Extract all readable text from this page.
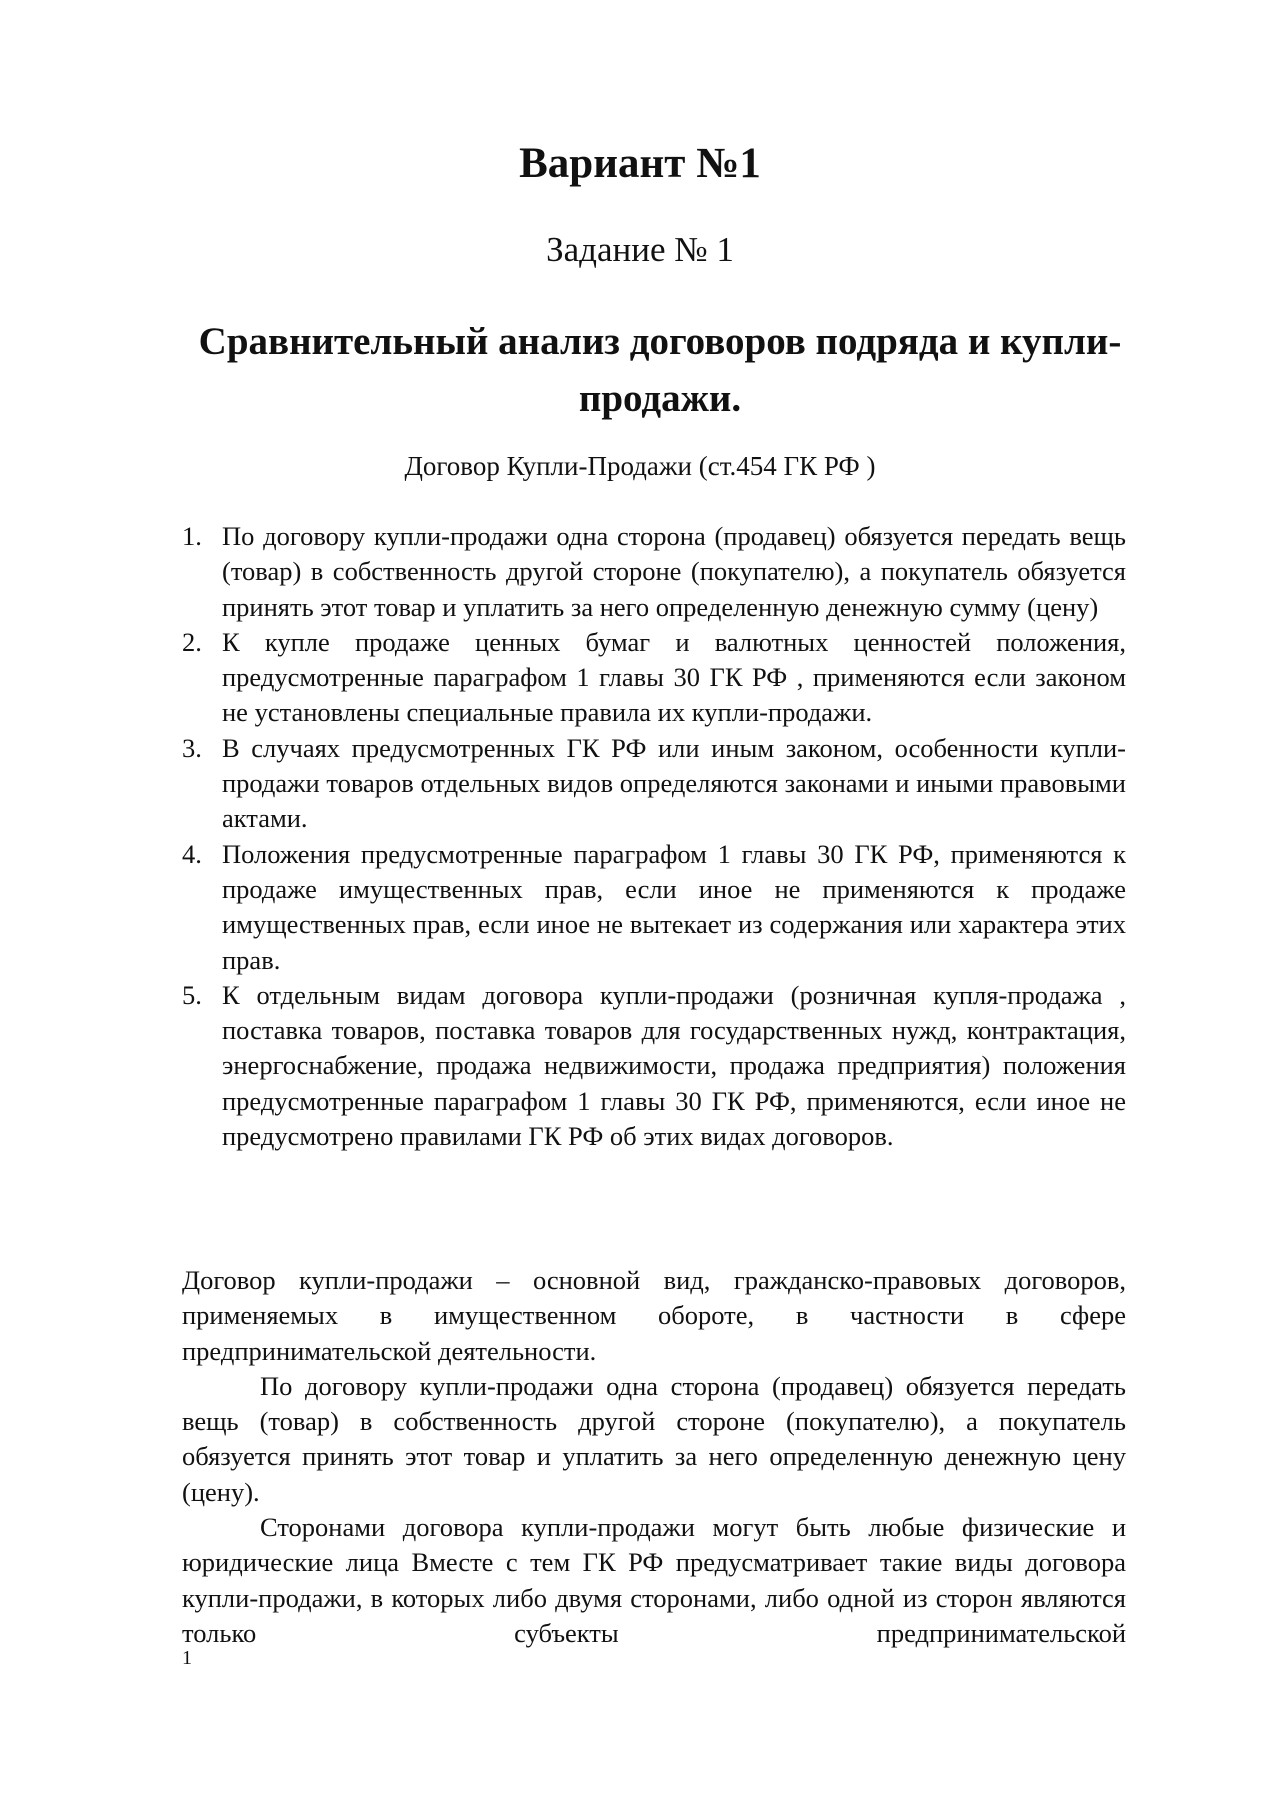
Вариант №1
Задание № 1
Сравнительный анализ договоров подряда и купли-продажи.
Договор Купли-Продажи (ст.454 ГК РФ )
1. По договору купли-продажи одна сторона (продавец) обязуется передать вещь (товар) в собственность другой стороне (покупателю), а покупатель обязуется принять этот товар и уплатить за него определенную денежную сумму (цену)
2. К купле продаже ценных бумаг и валютных ценностей положения, предусмотренные параграфом 1 главы 30 ГК РФ , применяются если законом не установлены специальные правила их купли-продажи.
3. В случаях предусмотренных ГК РФ или иным законом, особенности купли-продажи товаров отдельных видов определяются законами и иными правовыми актами.
4. Положения предусмотренные параграфом 1 главы 30 ГК РФ, применяются к продаже имущественных прав, если иное не применяются к продаже имущественных прав, если иное не вытекает из содержания или характера этих прав.
5. К отдельным видам договора купли-продажи (розничная купля-продажа , поставка товаров, поставка товаров для государственных нужд, контрактация, энергоснабжение, продажа недвижимости, продажа предприятия) положения предусмотренные параграфом 1 главы 30 ГК РФ, применяются, если иное не предусмотрено правилами ГК РФ об этих видах договоров.

Договор купли-продажи – основной вид, гражданско-правовых договоров, применяемых в имущественном обороте, в частности в сфере предпринимательской деятельности.

По договору купли-продажи одна сторона (продавец) обязуется передать вещь (товар) в собственность другой стороне (покупателю), а покупатель обязуется принять этот товар и уплатить за него определенную денежную цену (цену).

Сторонами договора купли-продажи могут быть любые физические и юридические лица Вместе с тем ГК РФ предусматривает такие виды договора купли-продажи, в которых либо двумя сторонами, либо одной из сторон являются только субъекты предпринимательской

1
